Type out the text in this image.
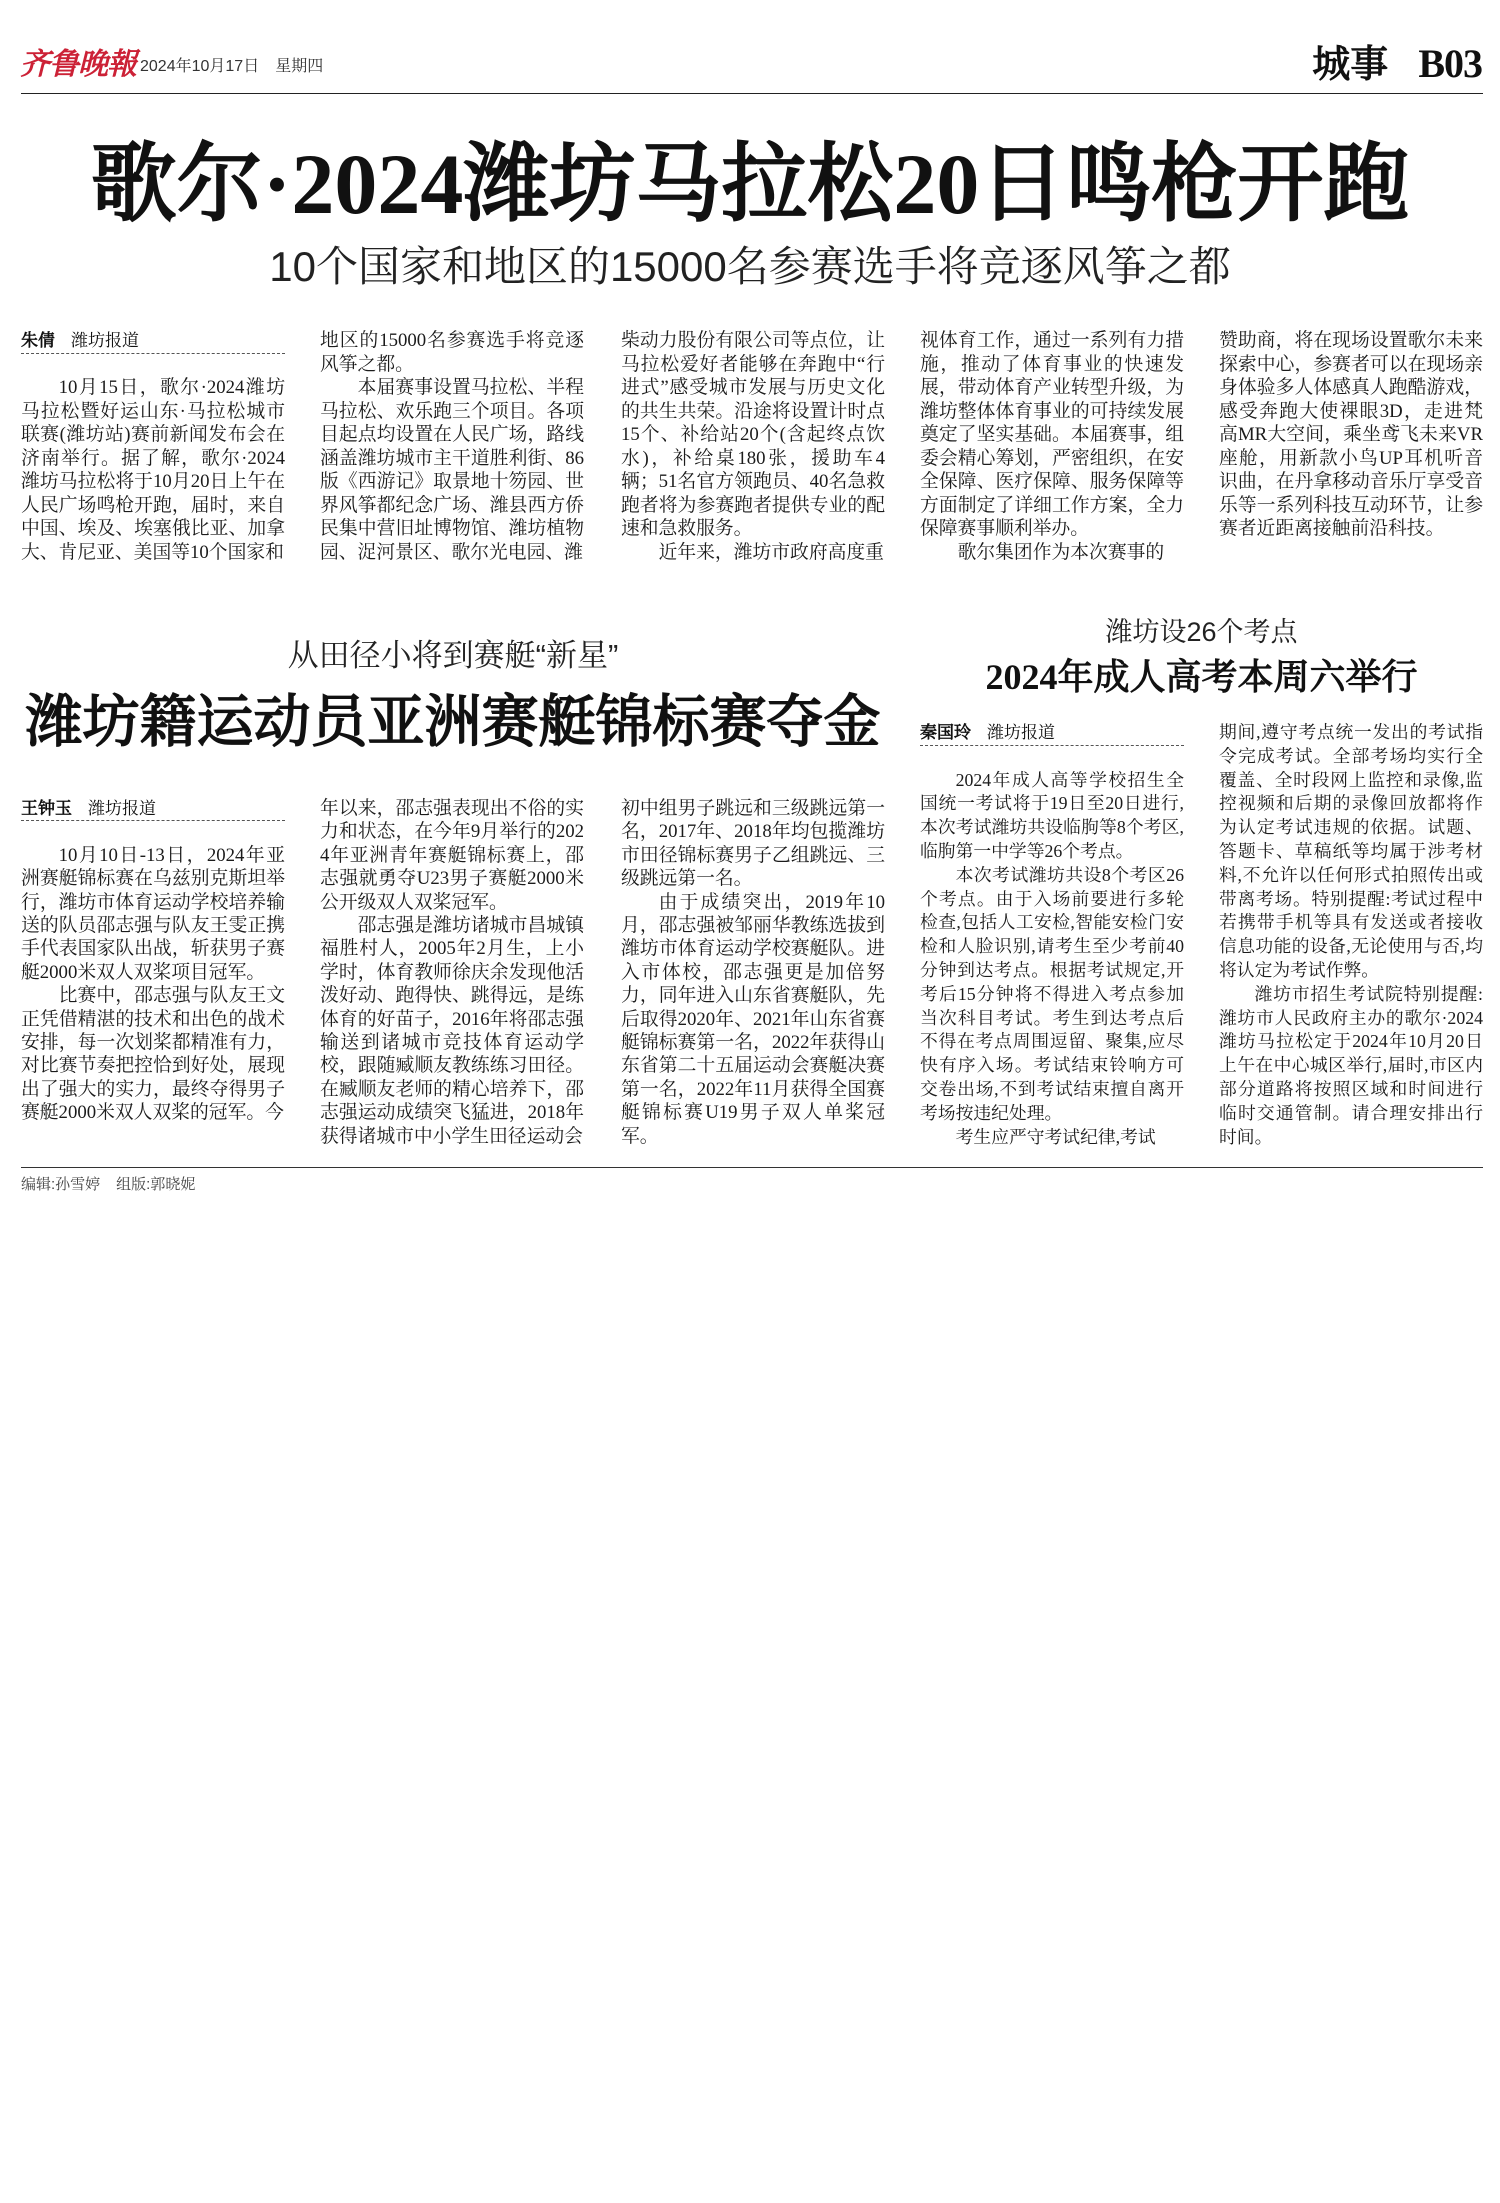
齐鲁晚報 2024年10月17日 星期四	城事 B03
歌尔·2024潍坊马拉松20日鸣枪开跑
10个国家和地区的15000名参赛选手将竞逐风筝之都
朱倩 潍坊报道

10月15日，歌尔·2024潍坊马拉松暨好运山东·马拉松城市联赛(潍坊站)赛前新闻发布会在济南举行。据了解，歌尔·2024潍坊马拉松将于10月20日上午在人民广场鸣枪开跑，届时，来自中国、埃及、埃塞俄比亚、加拿大、肯尼亚、美国等10个国家和

地区的15000名参赛选手将竞逐风筝之都。

本届赛事设置马拉松、半程马拉松、欢乐跑三个项目。各项目起点均设置在人民广场，路线涵盖潍坊城市主干道胜利街、86版《西游记》取景地十笏园、世界风筝都纪念广场、潍县西方侨民集中营旧址博物馆、潍坊植物园、浞河景区、歌尔光电园、潍

柴动力股份有限公司等点位，让马拉松爱好者能够在奔跑中“行进式”感受城市发展与历史文化的共生共荣。沿途将设置计时点15个、补给站20个(含起终点饮水)，补给桌180张，援助车4辆；51名官方领跑员、40名急救跑者将为参赛跑者提供专业的配速和急救服务。

近年来，潍坊市政府高度重

视体育工作，通过一系列有力措施，推动了体育事业的快速发展，带动体育产业转型升级，为潍坊整体体育事业的可持续发展奠定了坚实基础。本届赛事，组委会精心筹划，严密组织，在安全保障、医疗保障、服务保障等方面制定了详细工作方案，全力保障赛事顺利举办。

歌尔集团作为本次赛事的

赞助商，将在现场设置歌尔未来探索中心，参赛者可以在现场亲身体验多人体感真人跑酷游戏，感受奔跑大使裸眼3D，走进梵高MR大空间，乘坐鸢飞未来VR座舱，用新款小鸟UP耳机听音识曲，在丹拿移动音乐厅享受音乐等一系列科技互动环节，让参赛者近距离接触前沿科技。

从田径小将到赛艇“新星”
潍坊籍运动员亚洲赛艇锦标赛夺金
王钟玉 潍坊报道

10月10日-13日，2024年亚洲赛艇锦标赛在乌兹别克斯坦举行，潍坊市体育运动学校培养输送的队员邵志强与队友王雯正携手代表国家队出战，斩获男子赛艇2000米双人双桨项目冠军。

比赛中，邵志强与队友王文正凭借精湛的技术和出色的战术安排，每一次划桨都精准有力，对比赛节奏把控恰到好处，展现出了强大的实力，最终夺得男子赛艇2000米双人双桨的冠军。今

年以来，邵志强表现出不俗的实力和状态，在今年9月举行的2024年亚洲青年赛艇锦标赛上，邵志强就勇夺U23男子赛艇2000米公开级双人双桨冠军。

邵志强是潍坊诸城市昌城镇福胜村人，2005年2月生，上小学时，体育教师徐庆余发现他活泼好动、跑得快、跳得远，是练体育的好苗子，2016年将邵志强输送到诸城市竞技体育运动学校，跟随臧顺友教练练习田径。在臧顺友老师的精心培养下，邵志强运动成绩突飞猛进，2018年获得诸城市中小学生田径运动会

初中组男子跳远和三级跳远第一名，2017年、2018年均包揽潍坊市田径锦标赛男子乙组跳远、三级跳远第一名。

由于成绩突出，2019年10月，邵志强被邹丽华教练选拔到潍坊市体育运动学校赛艇队。进入市体校，邵志强更是加倍努力，同年进入山东省赛艇队，先后取得2020年、2021年山东省赛艇锦标赛第一名，2022年获得山东省第二十五届运动会赛艇决赛第一名，2022年11月获得全国赛艇锦标赛U19男子双人单桨冠军。

潍坊设26个考点
2024年成人高考本周六举行
秦国玲 潍坊报道

2024年成人高等学校招生全国统一考试将于19日至20日进行,本次考试潍坊共设临朐等8个考区,临朐第一中学等26个考点。

本次考试潍坊共设8个考区26个考点。由于入场前要进行多轮检查,包括人工安检,智能安检门安检和人脸识别,请考生至少考前40分钟到达考点。根据考试规定,开考后15分钟将不得进入考点参加当次科目考试。考生到达考点后不得在考点周围逗留、聚集,应尽快有序入场。考试结束铃响方可交卷出场,不到考试结束擅自离开考场按违纪处理。

考生应严守考试纪律,考试

期间,遵守考点统一发出的考试指令完成考试。全部考场均实行全覆盖、全时段网上监控和录像,监控视频和后期的录像回放都将作为认定考试违规的依据。试题、答题卡、草稿纸等均属于涉考材料,不允许以任何形式拍照传出或带离考场。特别提醒:考试过程中若携带手机等具有发送或者接收信息功能的设备,无论使用与否,均将认定为考试作弊。

潍坊市招生考试院特别提醒:潍坊市人民政府主办的歌尔·2024潍坊马拉松定于2024年10月20日上午在中心城区举行,届时,市区内部分道路将按照区域和时间进行临时交通管制。请合理安排出行时间。

编辑:孙雪婷 组版:郭晓妮
